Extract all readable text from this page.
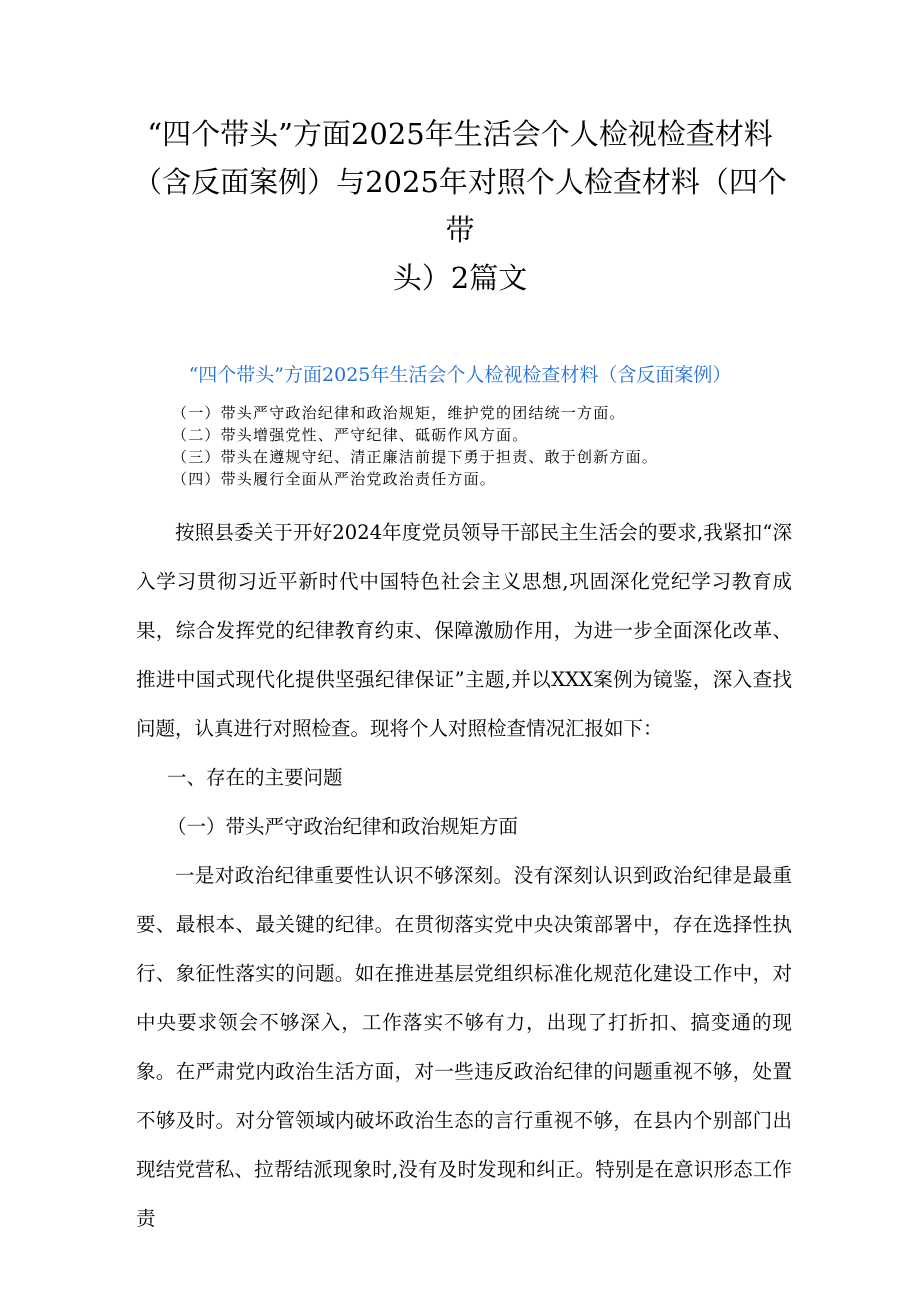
“四个带头”方面2025年生活会个人检视检查材料
（含反面案例）与2025年对照个人检查材料（四个带
头）2篇文
“四个带头”方面2025年生活会个人检视检查材料（含反面案例）
（一）带头严守政治纪律和政治规矩，维护党的团结统一方面。
（二）带头增强党性、严守纪律、砥砺作风方面。
（三）带头在遵规守纪、清正廉洁前提下勇于担责、敢于创新方面。
（四）带头履行全面从严治党政治责任方面。

按照县委关于开好2024年度党员领导干部民主生活会的要求,我紧扣“深入学习贯彻习近平新时代中国特色社会主义思想,巩固深化党纪学习教育成果，综合发挥党的纪律教育约束、保障激励作用，为进一步全面深化改革、推进中国式现代化提供坚强纪律保证”主题,并以XXX案例为镜鉴，深入查找问题，认真进行对照检查。现将个人对照检查情况汇报如下：

一、存在的主要问题

（一）带头严守政治纪律和政治规矩方面

一是对政治纪律重要性认识不够深刻。没有深刻认识到政治纪律是最重要、最根本、最关键的纪律。在贯彻落实党中央决策部署中，存在选择性执行、象征性落实的问题。如在推进基层党组织标准化规范化建设工作中，对中央要求领会不够深入，工作落实不够有力，出现了打折扣、搞变通的现象。在严肃党内政治生活方面，对一些违反政治纪律的问题重视不够，处置不够及时。对分管领域内破坏政治生态的言行重视不够，在县内个别部门出现结党营私、拉帮结派现象时,没有及时发现和纠正。特别是在意识形态工作责
